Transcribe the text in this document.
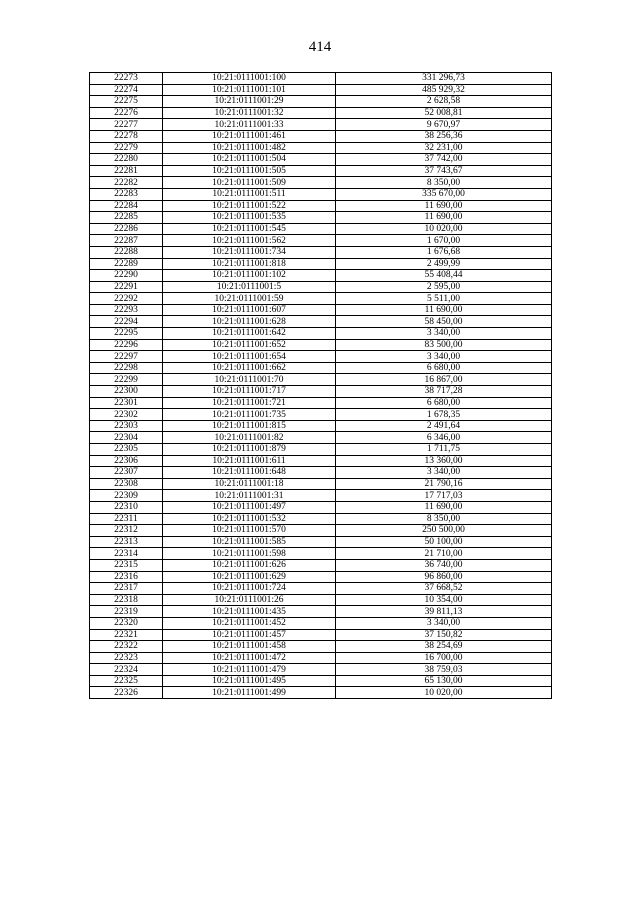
414
22273	10:21:0111001:100	331 296,73
22274	10:21:0111001:101	485 929,32
22275	10:21:0111001:29	2 628,58
22276	10:21:0111001:32	52 008,81
22277	10:21:0111001:33	9 670,97
22278	10:21:0111001:461	38 256,36
22279	10:21:0111001:482	32 231,00
22280	10:21:0111001:504	37 742,00
22281	10:21:0111001:505	37 743,67
22282	10:21:0111001:509	8 350,00
22283	10:21:0111001:511	335 670,00
22284	10:21:0111001:522	11 690,00
22285	10:21:0111001:535	11 690,00
22286	10:21:0111001:545	10 020,00
22287	10:21:0111001:562	1 670,00
22288	10:21:0111001:734	1 676,68
22289	10:21:0111001:818	2 499,99
22290	10:21:0111001:102	55 408,44
22291	10:21:0111001:5	2 595,00
22292	10:21:0111001:59	5 511,00
22293	10:21:0111001:607	11 690,00
22294	10:21:0111001:628	58 450,00
22295	10:21:0111001:642	3 340,00
22296	10:21:0111001:652	83 500,00
22297	10:21:0111001:654	3 340,00
22298	10:21:0111001:662	6 680,00
22299	10:21:0111001:70	16 867,00
22300	10:21:0111001:717	38 717,28
22301	10:21:0111001:721	6 680,00
22302	10:21:0111001:735	1 678,35
22303	10:21:0111001:815	2 491,64
22304	10:21:0111001:82	6 346,00
22305	10:21:0111001:879	1 711,75
22306	10:21:0111001:611	13 360,00
22307	10:21:0111001:648	3 340,00
22308	10:21:0111001:18	21 790,16
22309	10:21:0111001:31	17 717,03
22310	10:21:0111001:497	11 690,00
22311	10:21:0111001:532	8 350,00
22312	10:21:0111001:570	250 500,00
22313	10:21:0111001:585	50 100,00
22314	10:21:0111001:598	21 710,00
22315	10:21:0111001:626	36 740,00
22316	10:21:0111001:629	96 860,00
22317	10:21:0111001:724	37 668,52
22318	10:21:0111001:26	10 354,00
22319	10:21:0111001:435	39 811,13
22320	10:21:0111001:452	3 340,00
22321	10:21:0111001:457	37 150,82
22322	10:21:0111001:458	38 254,69
22323	10:21:0111001:472	16 700,00
22324	10:21:0111001:479	38 759,03
22325	10:21:0111001:495	65 130,00
22326	10:21:0111001:499	10 020,00
